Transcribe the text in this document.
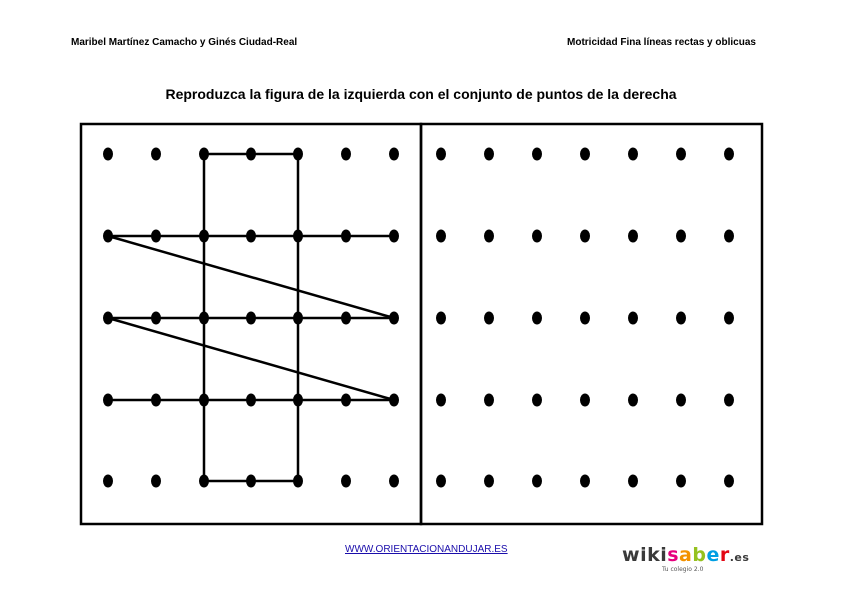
Maribel Martínez Camacho y Ginés Ciudad-Real	Motricidad Fina líneas rectas y oblicuas
Reproduzca la figura de la izquierda con el conjunto de puntos de la derecha
WWW.ORIENTACIONANDUJAR.ES	wikisaber.es
Tu colegio 2.0
